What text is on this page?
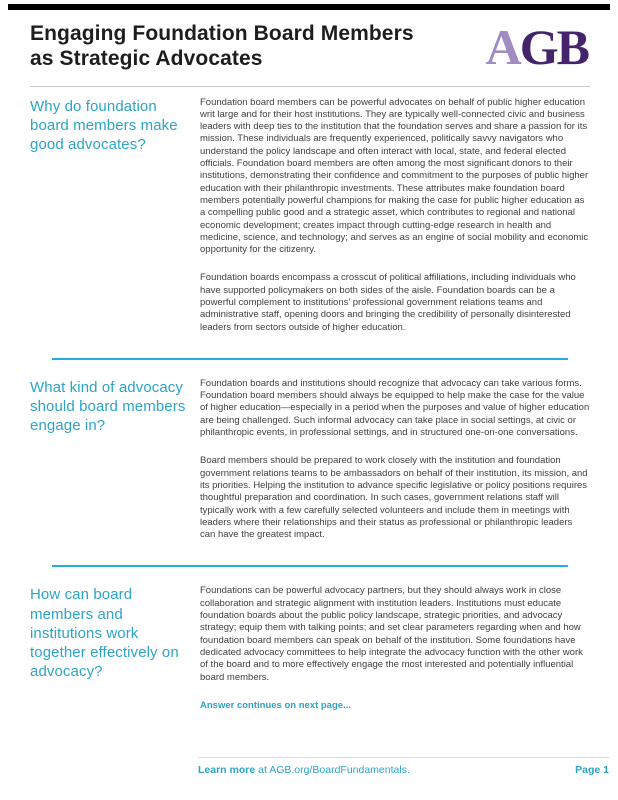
Engaging Foundation Board Members
as Strategic Advocates	AGB
Why do foundation board members make good advocates?

Foundation board members can be powerful advocates on behalf of public higher education writ large and for their host institutions. They are typically well-connected civic and business leaders with deep ties to the institution that the foundation serves and share a passion for its mission. These individuals are frequently experienced, politically savvy navigators who understand the policy landscape and often interact with local, state, and federal elected officials. Foundation board members are often among the most significant donors to their institutions, demonstrating their confidence and commitment to the purposes of public higher education with their philanthropic investments. These attributes make foundation board members potentially powerful champions for making the case for public higher education as a compelling public good and a strategic asset, which contributes to regional and national economic development; creates impact through cutting-edge research in health and medicine, science, and technology; and serves as an engine of social mobility and economic opportunity for the citizenry.

Foundation boards encompass a crosscut of political affiliations, including individuals who have supported policymakers on both sides of the aisle. Foundation boards can be a powerful complement to institutions’ professional government relations teams and administrative staff, opening doors and bringing the credibility of personally disinterested leaders from sectors outside of higher education.

What kind of advocacy should board members engage in?

Foundation boards and institutions should recognize that advocacy can take various forms. Foundation board members should always be equipped to help make the case for the value of higher education—especially in a period when the purposes and value of higher education are being challenged. Such informal advocacy can take place in social settings, at civic or philanthropic events, in professional settings, and in structured one-on-one conversations.

Board members should be prepared to work closely with the institution and foundation government relations teams to be ambassadors on behalf of their institution, its mission, and its priorities. Helping the institution to advance specific legislative or policy positions requires thoughtful preparation and coordination. In such cases, government relations staff will typically work with a few carefully selected volunteers and include them in meetings with leaders where their relationships and their status as professional or philanthropic leaders can have the greatest impact.

How can board members and institutions work together effectively on advocacy?

Foundations can be powerful advocacy partners, but they should always work in close collaboration and strategic alignment with institution leaders. Institutions must educate foundation boards about the public policy landscape, strategic priorities, and advocacy strategy; equip them with talking points; and set clear parameters regarding when and how foundation board members can speak on behalf of the institution. Some foundations have dedicated advocacy committees to help integrate the advocacy function with the other work of the board and to more effectively engage the most interested and potentially influential board members.

Answer continues on next page...

Learn more at AGB.org/BoardFundamentals.	Page 1
